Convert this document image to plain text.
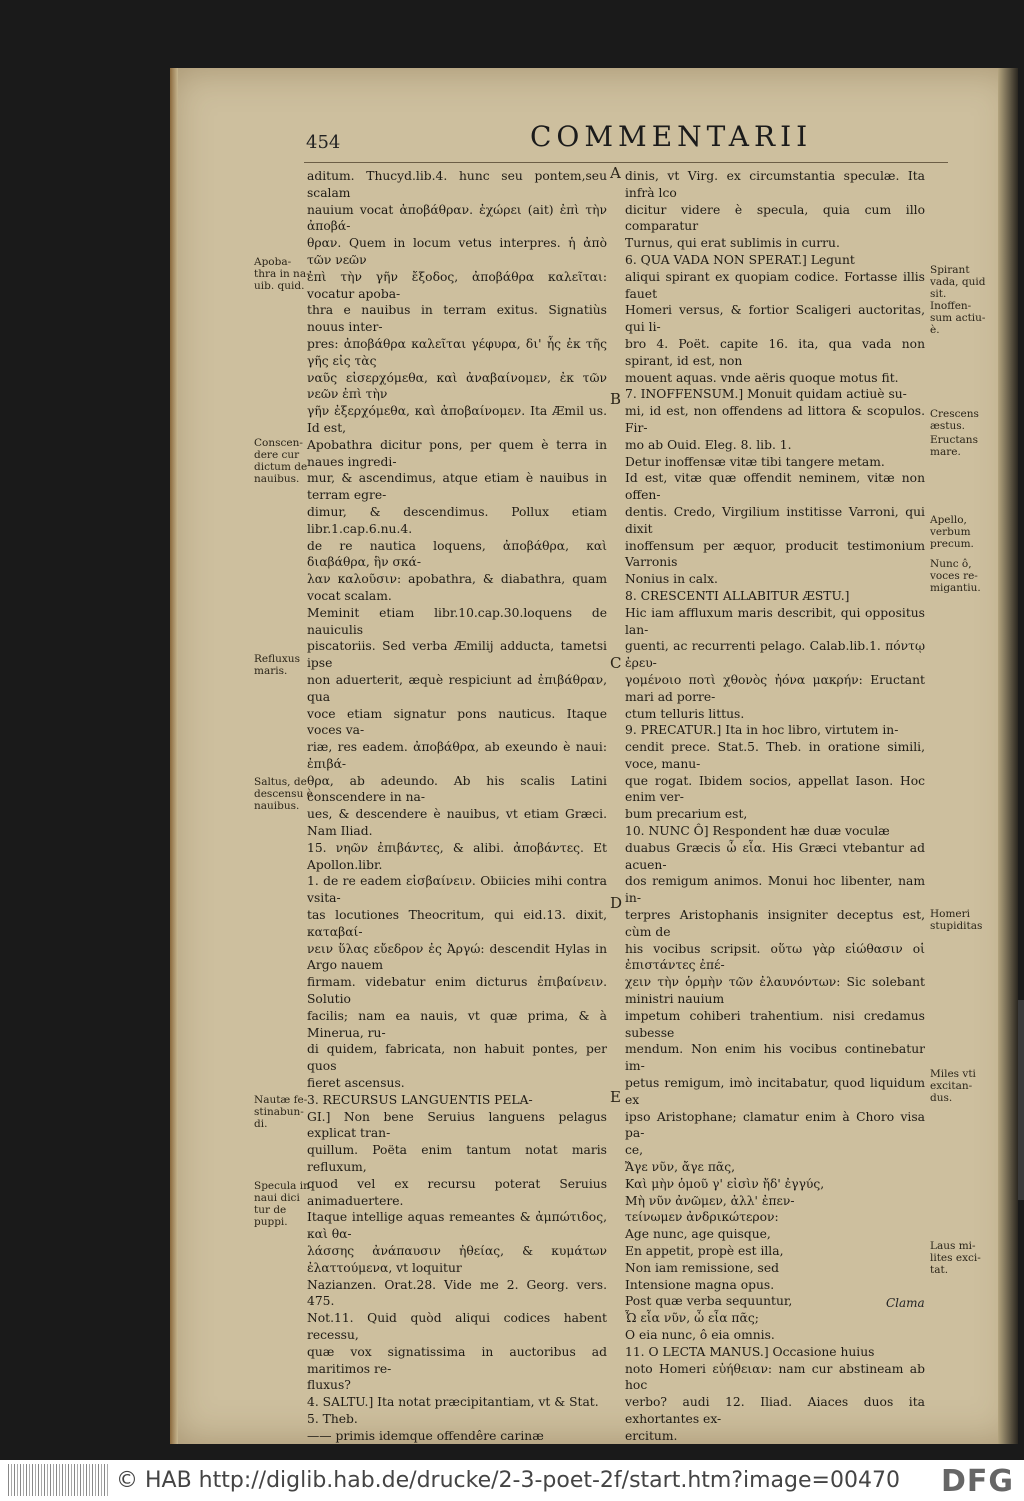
454	COMMENTARII

aditum. Thucyd.lib.4. hunc seu pontem,seu scalam

nauium vocat ἀποβάθραν. ἐχώρει (ait) ἐπὶ τὴν ἀποβά-

θραν. Quem in locum vetus interpres. ἡ ἀπὸ τῶν νεῶν

ἐπὶ τὴν γῆν ἔξοδος, ἀποβάθρα καλεῖται: vocatur apoba-

thra e nauibus in terram exitus. Signatiùs nouus inter-

pres: ἀποβάθρα καλεῖται γέφυρα, δι' ἧς ἐκ τῆς γῆς εἰς τὰς

ναῦς εἰσερχόμεθα, καὶ ἀναβαίνομεν, ἐκ τῶν νεῶν ἐπὶ τὴν

γῆν ἐξερχόμεθα, καὶ ἀποβαίνομεν. Ita Æmil us. Id est,

Apobathra dicitur pons, per quem è terra in naues ingredi-

mur, & ascendimus, atque etiam è nauibus in terram egre-

dimur, & descendimus. Pollux etiam libr.1.cap.6.nu.4.

de re nautica loquens, ἀποβάθρα, καὶ διαβάθρα, ἣν σκά-

λαν καλοῦσιν: apobathra, & diabathra, quam vocat scalam.

Meminit etiam libr.10.cap.30.loquens de nauiculis

piscatoriis. Sed verba Æmilij adducta, tametsi ipse

non aduerterit, æquè respiciunt ad ἐπιβάθραν, qua

voce etiam signatur pons nauticus. Itaque voces va-

riæ, res eadem. ἀποβάθρα, ab exeundo è naui: ἐπιβά-

θρα, ab adeundo. Ab his scalis Latini conscendere in na-

ues, & descendere è nauibus, vt etiam Græci. Nam Iliad.

15. νηῶν ἐπιβάντες, & alibi. ἀποβάντες. Et Apollon.libr.

1. de re eadem εἰσβαίνειν. Obiicies mihi contra vsita-

tas locutiones Theocritum, qui eid.13. dixit, καταβαί-

νειν ὕλας εὔεδρον ἐς Ἀργώ: descendit Hylas in Argo nauem

firmam. videbatur enim dicturus ἐπιβαίνειν. Solutio

facilis; nam ea nauis, vt quæ prima, & à Minerua, ru-

di quidem, fabricata, non habuit pontes, per quos

fieret ascensus.

3. RECURSUS LANGUENTIS PELA-

GI.] Non bene Seruius languens pelagus explicat tran-

quillum. Poëta enim tantum notat maris refluxum,

quod vel ex recursu poterat Seruius animaduertere.

Itaque intellige aquas remeantes & ἀμπώτιδος, καὶ θα-

λάσσης ἀνάπαυσιν ἠθείας, & κυμάτων ἐλαττούμενα, vt loquitur

Nazianzen. Orat.28. Vide me 2. Georg. vers. 475.

Not.11. Quid quòd aliqui codices habent recessu,

quæ vox signatissima in auctoribus ad maritimos re-

fluxus?

4. SALTU.] Ita notat præcipitantiam, vt & Stat.

5. Theb.

—— primis idemque offendêre carinæ

dinis, vt Virg. ex circumstantia speculæ. Ita infrà lco

dicitur videre è specula, quia cum illo comparatur

Turnus, qui erat sublimis in curru.

6. QUA VADA NON SPERAT.] Legunt

aliqui spirant ex quopiam codice. Fortasse illis fauet

Homeri versus, & fortior Scaligeri auctoritas, qui li-

bro 4. Poët. capite 16. ita, qua vada non spirant, id est, non

mouent aquas. vnde aëris quoque motus fit.

7. INOFFENSUM.] Monuit quidam actiuè su-

mi, id est, non offendens ad littora & scopulos. Fir-

mo ab Ouid. Eleg. 8. lib. 1.

Detur inoffensæ vitæ tibi tangere metam.

Id est, vitæ quæ offendit neminem, vitæ non offen-

dentis. Credo, Virgilium institisse Varroni, qui dixit

inoffensum per æquor, producit testimonium Varronis

Nonius in calx.

8. CRESCENTI ALLABITUR ÆSTU.]

Hic iam affluxum maris describit, qui oppositus lan-

guenti, ac recurrenti pelago. Calab.lib.1. πόντῳ ἐρευ-

γομένοιο ποτὶ χθονὸς ἠόνα μακρήν: Eructant mari ad porre-

ctum telluris littus.

9. PRECATUR.] Ita in hoc libro, virtutem in-

cendit prece. Stat.5. Theb. in oratione simili, voce, manu-

que rogat. Ibidem socios, appellat Iason. Hoc enim ver-

bum precarium est,

10. NUNC Ô] Respondent hæ duæ voculæ

duabus Græcis ὦ εἶα. His Græci vtebantur ad acuen-

dos remigum animos. Monui hoc libenter, nam in-

terpres Aristophanis insigniter deceptus est, cùm de

his vocibus scripsit. οὕτω γὰρ εἰώθασιν οἱ ἐπιστάντες ἐπέ-

χειν τὴν ὁρμὴν τῶν ἐλαυνόντων: Sic solebant ministri nauium

impetum cohiberi trahentium. nisi credamus subesse

mendum. Non enim his vocibus continebatur im-

petus remigum, imò incitabatur, quod liquidum ex

ipso Aristophane; clamatur enim à Choro visa pa-

ce,

Ἄγε νῦν, ἄγε πᾶς,

Καὶ μὴν ὁμοῦ γ' εἰσὶν ἤδ' ἐγγύς,

Μὴ νῦν ἀνῶμεν, ἀλλ' ἐπεν-

τείνωμεν ἀνδρικώτερον:

Age nunc, age quisque,

En appetit, propè est illa,

Non iam remissione, sed

Intensione magna opus.

Post quæ verba sequuntur,

Ὦ εἶα νῦν, ὦ εἶα πᾶς;

O eia nunc, ô eia omnis.

11. O LECTA MANUS.] Occasione huius

noto Homeri εὐήθειαν: nam cur abstineam ab hoc

verbo? audi 12. Iliad. Aiaces duos ita exhortantes ex-

ercitum.

Apoba-
thra in na-
uib. quid.
Conscen-
dere cur
dictum de
nauibus.
Refluxus
maris.
Saltus, de
descensu è
nauibus.
Nautæ fe-
stinabun-
di.
Specula in
naui dici
tur de
puppi.
Spirant
vada, quid
sit.
Inoffen-
sum actiu-
è.
Crescens
æstus.
Eructans
mare.
Apello,
verbum
precum.
Nunc ô,
voces re-
migantiu.
Homeri
stupiditas
Miles vti
excitan-
dus.
Laus mi-
lites exci-
tat.
A
B
C
D
E
Clama
© HAB http://diglib.hab.de/drucke/2-3-poet-2f/start.htm?image=00470 DFG
